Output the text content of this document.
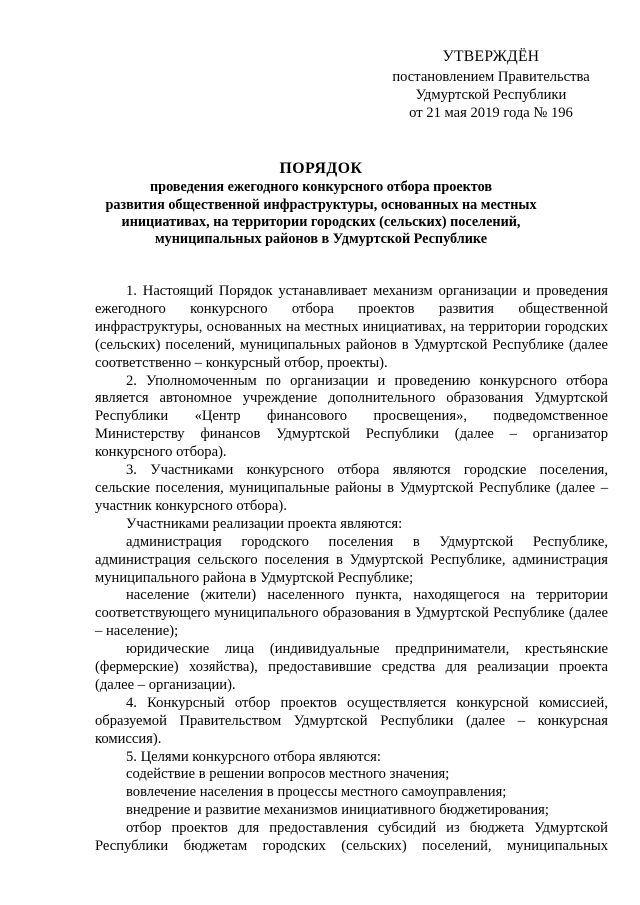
УТВЕРЖДЁН
постановлением Правительства
Удмуртской Республики
от 21 мая 2019 года № 196
ПОРЯДОК
проведения ежегодного конкурсного отбора проектов
развития общественной инфраструктуры, основанных на местных
инициативах, на территории городских (сельских) поселений,
муниципальных районов в Удмуртской Республике

1. Настоящий Порядок устанавливает механизм организации и проведения ежегодного конкурсного отбора проектов развития общественной инфраструктуры, основанных на местных инициативах, на территории городских (сельских) поселений, муниципальных районов в Удмуртской Республике (далее соответственно – конкурсный отбор, проекты).

2. Уполномоченным по организации и проведению конкурсного отбора является автономное учреждение дополнительного образования Удмуртской Республики «Центр финансового просвещения», подведомственное Министерству финансов Удмуртской Республики (далее – организатор конкурсного отбора).

3. Участниками конкурсного отбора являются городские поселения, сельские поселения, муниципальные районы в Удмуртской Республике (далее – участник конкурсного отбора).

Участниками реализации проекта являются:

администрация городского поселения в Удмуртской Республике, администрация сельского поселения в Удмуртской Республике, администрация муниципального района в Удмуртской Республике;

население (жители) населенного пункта, находящегося на территории соответствующего муниципального образования в Удмуртской Республике (далее – население);

юридические лица (индивидуальные предприниматели, крестьянские (фермерские) хозяйства), предоставившие средства для реализации проекта (далее – организации).

4. Конкурсный отбор проектов осуществляется конкурсной комиссией, образуемой Правительством Удмуртской Республики (далее – конкурсная комиссия).

5. Целями конкурсного отбора являются:

содействие в решении вопросов местного значения;

вовлечение населения в процессы местного самоуправления;

внедрение и развитие механизмов инициативного бюджетирования;

отбор проектов для предоставления субсидий из бюджета Удмуртской Республики бюджетам городских (сельских) поселений, муниципальных
